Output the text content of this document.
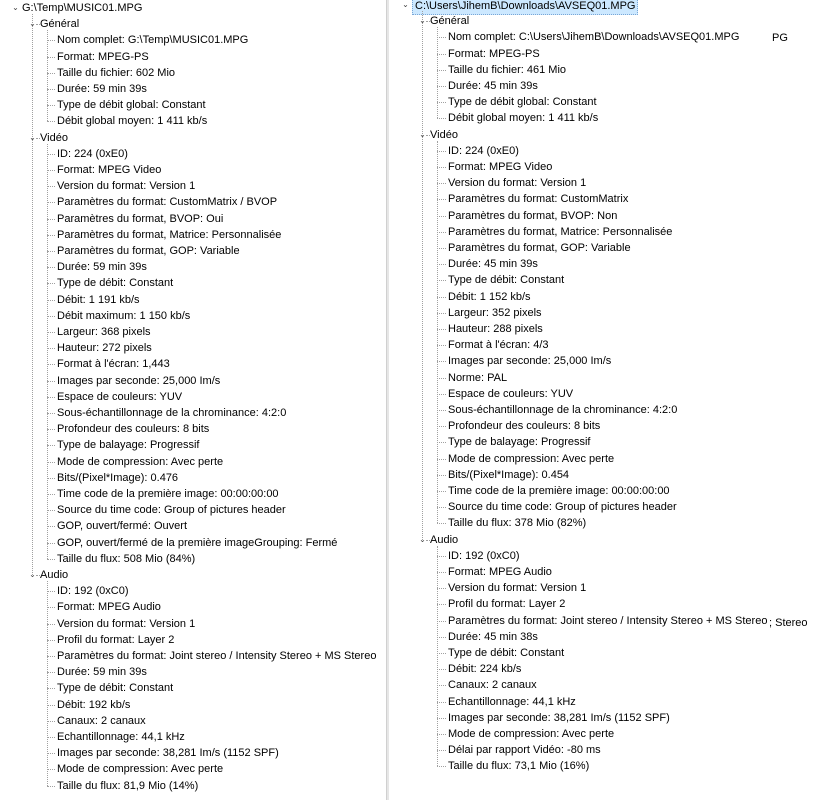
⌄ G:\Temp\MUSIC01.MPG
⌄ Général
Nom complet: G:\Temp\MUSIC01.MPG
Format: MPEG-PS
Taille du fichier: 602 Mio
Durée: 59 min 39s
Type de débit global: Constant
Débit global moyen: 1 411 kb/s
⌄ Vidéo
ID: 224 (0xE0)
Format: MPEG Video
Version du format: Version 1
Paramètres du format: CustomMatrix / BVOP
Paramètres du format, BVOP: Oui
Paramètres du format, Matrice: Personnalisée
Paramètres du format, GOP: Variable
Durée: 59 min 39s
Type de débit: Constant
Débit: 1 191 kb/s
Débit maximum: 1 150 kb/s
Largeur: 368 pixels
Hauteur: 272 pixels
Format à l'écran: 1,443
Images par seconde: 25,000 Im/s
Espace de couleurs: YUV
Sous-échantillonnage de la chrominance: 4:2:0
Profondeur des couleurs: 8 bits
Type de balayage: Progressif
Mode de compression: Avec perte
Bits/(Pixel*Image): 0.476
Time code de la première image: 00:00:00:00
Source du time code: Group of pictures header
GOP, ouvert/fermé: Ouvert
GOP, ouvert/fermé de la première imageGrouping: Fermé
Taille du flux: 508 Mio (84%)
⌄ Audio
ID: 192 (0xC0)
Format: MPEG Audio
Version du format: Version 1
Profil du format: Layer 2
Paramètres du format: Joint stereo / Intensity Stereo + MS Stereo
Durée: 59 min 39s
Type de débit: Constant
Débit: 192 kb/s
Canaux: 2 canaux
Echantillonnage: 44,1 kHz
Images par seconde: 38,281 Im/s (1152 SPF)
Mode de compression: Avec perte
Taille du flux: 81,9 Mio (14%)
⌄ C:\Users\JihemB\Downloads\AVSEQ01.MPG
⌄ Général
Nom complet: C:\Users\JihemB\Downloads\AVSEQ01.MPG
Format: MPEG-PS
Taille du fichier: 461 Mio
Durée: 45 min 39s
Type de débit global: Constant
Débit global moyen: 1 411 kb/s
⌄ Vidéo
ID: 224 (0xE0)
Format: MPEG Video
Version du format: Version 1
Paramètres du format: CustomMatrix
Paramètres du format, BVOP: Non
Paramètres du format, Matrice: Personnalisée
Paramètres du format, GOP: Variable
Durée: 45 min 39s
Type de débit: Constant
Débit: 1 152 kb/s
Largeur: 352 pixels
Hauteur: 288 pixels
Format à l'écran: 4/3
Images par seconde: 25,000 Im/s
Norme: PAL
Espace de couleurs: YUV
Sous-échantillonnage de la chrominance: 4:2:0
Profondeur des couleurs: 8 bits
Type de balayage: Progressif
Mode de compression: Avec perte
Bits/(Pixel*Image): 0.454
Time code de la première image: 00:00:00:00
Source du time code: Group of pictures header
Taille du flux: 378 Mio (82%)
⌄ Audio
ID: 192 (0xC0)
Format: MPEG Audio
Version du format: Version 1
Profil du format: Layer 2
Paramètres du format: Joint stereo / Intensity Stereo + MS Stereo
Durée: 45 min 38s
Type de débit: Constant
Débit: 224 kb/s
Canaux: 2 canaux
Echantillonnage: 44,1 kHz
Images par seconde: 38,281 Im/s (1152 SPF)
Mode de compression: Avec perte
Délai par rapport Vidéo: -80 ms
Taille du flux: 73,1 Mio (16%)
PG
; Stereo
